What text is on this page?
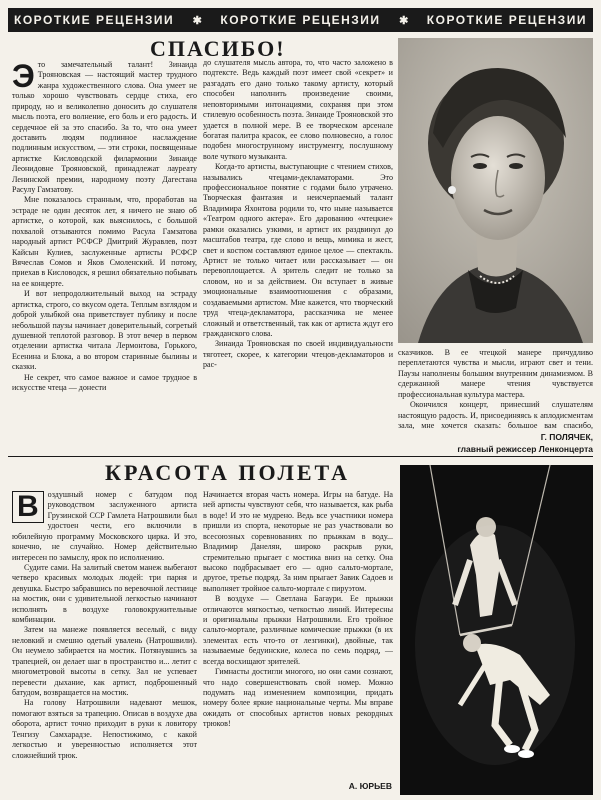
КОРОТКИЕ РЕЦЕНЗИИ ✱ КОРОТКИЕ РЕЦЕНЗИИ ✱ КОРОТКИЕ РЕЦЕНЗИИ
СПАСИБО!

Это замечательный талант! Зинаида Трояновская — настоящий мастер трудного жанра художественного слова. Она умеет не только хорошо чувствовать сердце стиха, его природу, но и великолепно доносить до слушателя мысль поэта, его волнение, его боль и его радость. И сердечное ей за это спасибо. За то, что она умеет доставить людям подлинное наслаждение подлинным искусством, — эти строки, посвященные артистке Кисловодской филармонии Зинаиде Леонидовне Трояновской, принадлежат лауреату Ленинской премии, народному поэту Дагестана Расулу Гамзатову.

Мне показалось странным, что, проработав на эстраде не один десяток лет, я ничего не знаю об артистке, о которой, как выяснилось, с большой похвалой отзываются помимо Расула Гамзатова народный артист РСФСР Дмитрий Журавлев, поэт Кайсын Кулиев, заслуженные артисты РСФСР Вячеслав Сомов и Яков Смоленский. И потому, приехав в Кисловодск, я решил обязательно побывать на ее концерте.

И вот непродолжительный выход на эстраду артистка, строго, со вкусом одета. Теплым взглядом и доброй улыбкой она приветствует публику и после небольшой паузы начинает доверительный, согретый душевной теплотой разговор. В этот вечер в первом отделении артистка читала Лермонтова, Горького, Есенина и Блока, а во втором старинные былины и сказки.

Не секрет, что самое важное и самое трудное в искусстве чтеца — донести

до слушателя мысль автора, то, что часто заложено в подтексте. Ведь каждый поэт имеет свой «секрет» и разгадать его дано только такому артисту, который способен наполнить произведение своими, неповторимыми интонациями, сохраняя при этом стилевую особенность поэта. Зинаиде Трояновской это удается в полной мере. В ее творческом арсенале богатая палитра красок, ее слово полновесно, а голос подобен многострунному инструменту, послушному воле чуткого музыканта.

Когда-то артисты, выступающие с чтением стихов, назывались чтецами-декламаторами. Это профессиональное понятие с годами было утрачено. Творческая фантазия и неисчерпаемый талант Владимира Яхонтова родили то, что ныне называется «Театром одного актера». Его дарованию «чтецкие» рамки оказались узкими, и артист их раздвинул до масштабов театра, где слово и вещь, мимика и жест, свет и костюм составляют единое целое — спектакль. Артист не только читает или рассказывает — он перевоплощается. А зритель следит не только за словом, но и за действием. Он вступает в живые эмоциональные взаимоотношения с образами, создаваемыми артистом. Мне кажется, что творческий труд чтеца-декламатора, рассказчика не менее сложный и ответственный, так как от артиста ждут его гражданского слова.

Зинаида Трояновская по своей индивидуальности тяготеет, скорее, к категории чтецов-декламаторов и рас-

сказчиков. В ее чтецкой манере причудливо переплетаются чувства и мысли, играют свет и тени. Паузы наполнены большим внутренним динамизмом. В сдержанной манере чтения чувствуется профессиональная культура мастера.

Окончился концерт, принесший слушателям настоящую радость. И, присоединяясь к аплодисментам зала, мне хочется сказать: большое вам спасибо,

Г. ПОЛЯЧЕК,
главный режиссер Ленконцерта
КРАСОТА ПОЛЕТА

В	оздушный номер с батудом под руководством заслуженного артиста Грузинской ССР Гамлета Натрошвили был удостоен чести, его включили в юбилейную программу Московского цирка. И это, конечно, не случайно. Номер действительно интересен по замыслу, ярок по исполнению.

Судите сами. На залитый светом манеж выбегают четверо красивых молодых людей: три парня и девушка. Быстро забравшись по веревочной лестнице на мостик, они с удивительной легкостью начинают исполнять в воздухе головокружительные комбинации.

Затем на манеже появляется веселый, с виду неловкий и смешно одетый увалень (Натрошвили). Он неумело забирается на мостик. Потянувшись за трапецией, он делает шаг в пространство и... летит с многометровой высоты в сетку. Зал не успевает перевести дыхание, как артист, подброшенный батудом, возвращается на мостик.

На голову Натрошвили надевают мешок, помогают взяться за трапецию. Описав в воздухе два оборота, артист точно приходит в руки к ловитору Тенгизу Самхарадзе. Непостижимо, с какой легкостью и уверенностью исполняется этот сложнейший трюк.

Начинается вторая часть номера. Игры на батуде. На ней артисты чувствуют себя, что называется, как рыба в воде! И это не мудрено. Ведь все участники номера пришли из спорта, некоторые не раз участвовали во всесоюзных соревнованиях по прыжкам в воду... Владимир Данелян, широко раскрыв руки, стремительно прыгает с мостика вниз на сетку. Она высоко подбрасывает его — одно сальто-мортале, другое, третье подряд. За ним прыгает Завик Садоев и выполняет тройное сальто-мортале с пируэтом.

В воздухе — Светлана Багаури. Ее прыжки отличаются мягкостью, четкостью линий. Интересны и оригинальны прыжки Натрошвили. Его тройное сальто-мортале, различные комические прыжки (в их элементах есть что-то от лезгинки), двойные, так называемые бедуинские, колеса по семь подряд, — всегда восхищают зрителей.

Гимнасты достигли многого, но они сами сознают, что надо совершенствовать свой номер. Можно подумать над изменением композиции, придать номеру более яркие национальные черты. Мы вправе ожидать от способных артистов новых рекордных трюков!

А. ЮРЬЕВ
